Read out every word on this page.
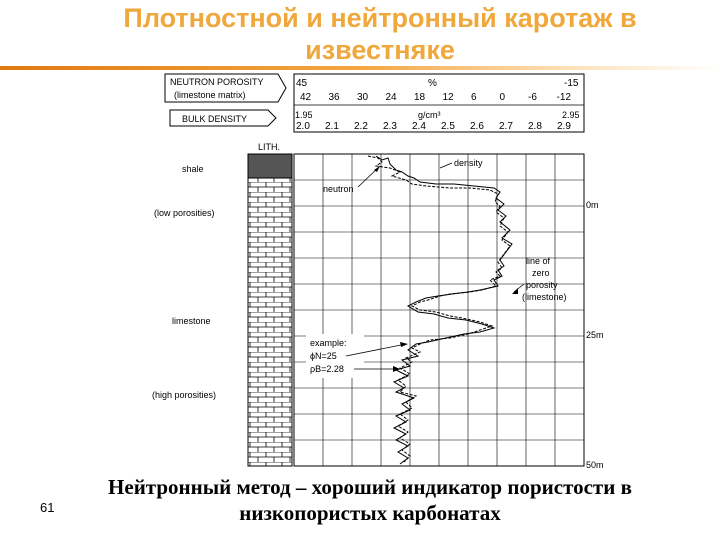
Плотностной и нейтронный каротаж в
известняке
NEUTRON POROSITY
(limestone matrix)
BULK DENSITY
45	%	-15
42 36 30 24 18 12 6 0 -6 -12
1.95	g/cm³	2.95
2.0 2.1 2.2 2.3 2.4 2.5 2.6 2.7 2.8 2.9
LITH.
shale
(low porosities)
limestone
(high porosities)
density
neutron
line of
zero
porosity
(limestone)
example:
ϕN=25
ρB=2.28
0m
25m
50m
Нейтронный метод – хороший индикатор пористости в
низкопористых карбонатах
61
